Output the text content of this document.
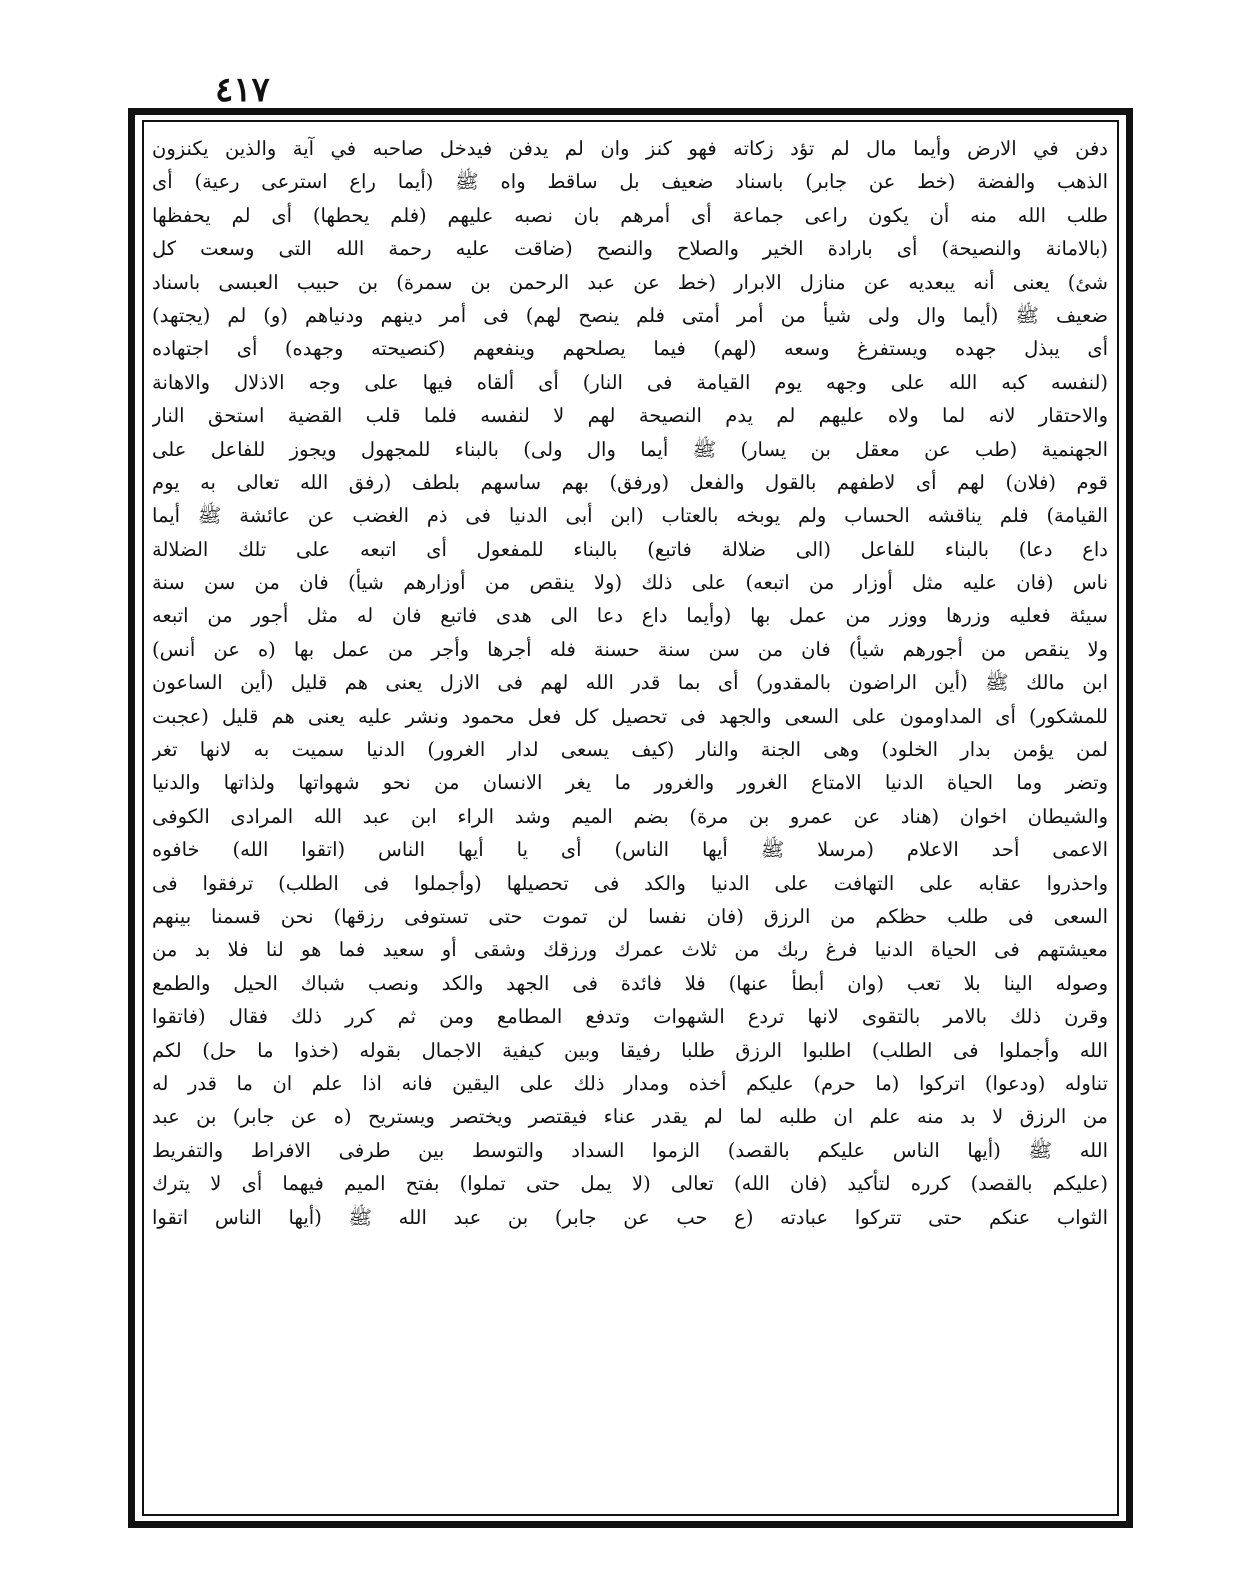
٤١٧
دفن في الارض وأيما مال لم تؤد زكاته فهو كنز وان لم يدفن فيدخل صاحبه في آية والذين يكنزون
الذهب والفضة (خط عن جابر) باسناد ضعيف بل ساقط واه ﷺ (أيما راع استرعى رعية) أى
طلب الله منه أن يكون راعى جماعة أى أمرهم بان نصبه عليهم (فلم يحطها) أى لم يحفظها
(بالامانة والنصيحة) أى بارادة الخير والصلاح والنصح (ضاقت عليه رحمة الله التى وسعت كل
شئ) يعنى أنه يبعديه عن منازل الابرار (خط عن عبد الرحمن بن سمرة) بن حبيب العبسى باسناد
ضعيف ﷺ (أيما وال ولى شيأ من أمر أمتى فلم ينصح لهم) فى أمر دينهم ودنياهم (و) لم (يجتهد)
أى يبذل جهده ويستفرغ وسعه (لهم) فيما يصلحهم وينفعهم (كنصيحته وجهده) أى اجتهاده
(لنفسه كبه الله على وجهه يوم القيامة فى النار) أى ألقاه فيها على وجه الاذلال والاهانة
والاحتقار لانه لما ولاه عليهم لم يدم النصيحة لهم لا لنفسه فلما قلب القضية استحق النار
الجهنمية (طب عن معقل بن يسار) ﷺ أيما وال ولى) بالبناء للمجهول ويجوز للفاعل على
قوم (فلان) لهم أى لاطفهم بالقول والفعل (ورفق) بهم ساسهم بلطف (رفق الله تعالى به يوم
القيامة) فلم يناقشه الحساب ولم يوبخه بالعتاب (ابن أبى الدنيا فى ذم الغضب عن عائشة ﷺ أيما
داع دعا) بالبناء للفاعل (الى ضلالة فاتبع) بالبناء للمفعول أى اتبعه على تلك الضلالة
ناس (فان عليه مثل أوزار من اتبعه) على ذلك (ولا ينقص من أوزارهم شيأ) فان من سن سنة
سيئة فعليه وزرها ووزر من عمل بها (وأيما داع دعا الى هدى فاتبع فان له مثل أجور من اتبعه
ولا ينقص من أجورهم شيأ) فان من سن سنة حسنة فله أجرها وأجر من عمل بها (ه عن أنس)
ابن مالك ﷺ (أين الراضون بالمقدور) أى بما قدر الله لهم فى الازل يعنى هم قليل (أين الساعون
للمشكور) أى المداومون على السعى والجهد فى تحصيل كل فعل محمود ونشر عليه يعنى هم قليل (عجبت
لمن يؤمن بدار الخلود) وهى الجنة والنار (كيف يسعى لدار الغرور) الدنيا سميت به لانها تغر
وتضر وما الحياة الدنيا الامتاع الغرور والغرور ما يغر الانسان من نحو شهواتها ولذاتها والدنيا
والشيطان اخوان (هناد عن عمرو بن مرة) بضم الميم وشد الراء ابن عبد الله المرادى الكوفى
الاعمى أحد الاعلام (مرسلا ﷺ أيها الناس) أى يا أيها الناس (اتقوا الله) خافوه
واحذروا عقابه على التهافت على الدنيا والكد فى تحصيلها (وأجملوا فى الطلب) ترفقوا فى
السعى فى طلب حظكم من الرزق (فان نفسا لن تموت حتى تستوفى رزقها) نحن قسمنا بينهم
معيشتهم فى الحياة الدنيا فرغ ربك من ثلاث عمرك ورزقك وشقى أو سعيد فما هو لنا فلا بد من
وصوله الينا بلا تعب (وان أبطأ عنها) فلا فائدة فى الجهد والكد ونصب شباك الحيل والطمع
وقرن ذلك بالامر بالتقوى لانها تردع الشهوات وتدفع المطامع ومن ثم كرر ذلك فقال (فاتقوا
الله وأجملوا فى الطلب) اطلبوا الرزق طلبا رفيقا وبين كيفية الاجمال بقوله (خذوا ما حل) لكم
تناوله (ودعوا) اتركوا (ما حرم) عليكم أخذه ومدار ذلك على اليقين فانه اذا علم ان ما قدر له
من الرزق لا بد منه علم ان طلبه لما لم يقدر عناء فيقتصر ويختصر ويستريح (ه عن جابر) بن عبد
الله ﷺ (أيها الناس عليكم بالقصد) الزموا السداد والتوسط بين طرفى الافراط والتفريط
(عليكم بالقصد) كرره لتأكيد (فان الله) تعالى (لا يمل حتى تملوا) بفتح الميم فيهما أى لا يترك
الثواب عنكم حتى تتركوا عبادته (ع حب عن جابر) بن عبد الله ﷺ (أيها الناس اتقوا
